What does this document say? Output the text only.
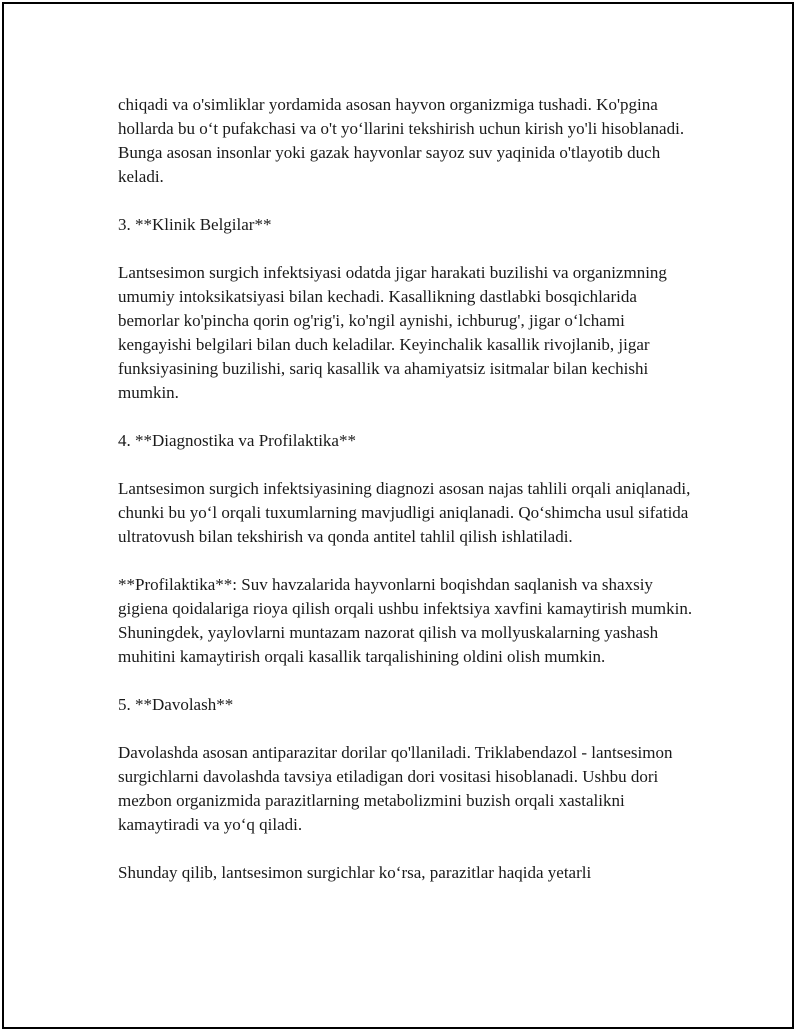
chiqadi va o'simliklar yordamida asosan hayvon organizmiga tushadi. Ko'pgina hollarda bu o‘t pufakchasi va o't yo‘llarini tekshirish uchun kirish yo'li hisoblanadi. Bunga asosan insonlar yoki gazak hayvonlar sayoz suv yaqinida o'tlayotib duch keladi.

3. **Klinik Belgilar**

Lantsesimon surgich infektsiyasi odatda jigar harakati buzilishi va organizmning umumiy intoksikatsiyasi bilan kechadi. Kasallikning dastlabki bosqichlarida bemorlar ko'pincha qorin og'rig'i, ko'ngil aynishi, ichburug', jigar o‘lchami kengayishi belgilari bilan duch keladilar. Keyinchalik kasallik rivojlanib, jigar funksiyasining buzilishi, sariq kasallik va ahamiyatsiz isitmalar bilan kechishi mumkin.

4. **Diagnostika va Profilaktika**

Lantsesimon surgich infektsiyasining diagnozi asosan najas tahlili orqali aniqlanadi, chunki bu yo‘l orqali tuxumlarning mavjudligi aniqlanadi. Qo‘shimcha usul sifatida ultratovush bilan tekshirish va qonda antitel tahlil qilish ishlatiladi.

**Profilaktika**: Suv havzalarida hayvonlarni boqishdan saqlanish va shaxsiy gigiena qoidalariga rioya qilish orqali ushbu infektsiya xavfini kamaytirish mumkin. Shuningdek, yaylovlarni muntazam nazorat qilish va mollyuskalarning yashash muhitini kamaytirish orqali kasallik tarqalishining oldini olish mumkin.

5. **Davolash**

Davolashda asosan antiparazitar dorilar qo'llaniladi. Triklabendazol - lantsesimon surgichlarni davolashda tavsiya etiladigan dori vositasi hisoblanadi. Ushbu dori mezbon organizmida parazitlarning metabolizmini buzish orqali xastalikni kamaytiradi va yo‘q qiladi.

Shunday qilib, lantsesimon surgichlar ko‘rsa, parazitlar haqida yetarli
